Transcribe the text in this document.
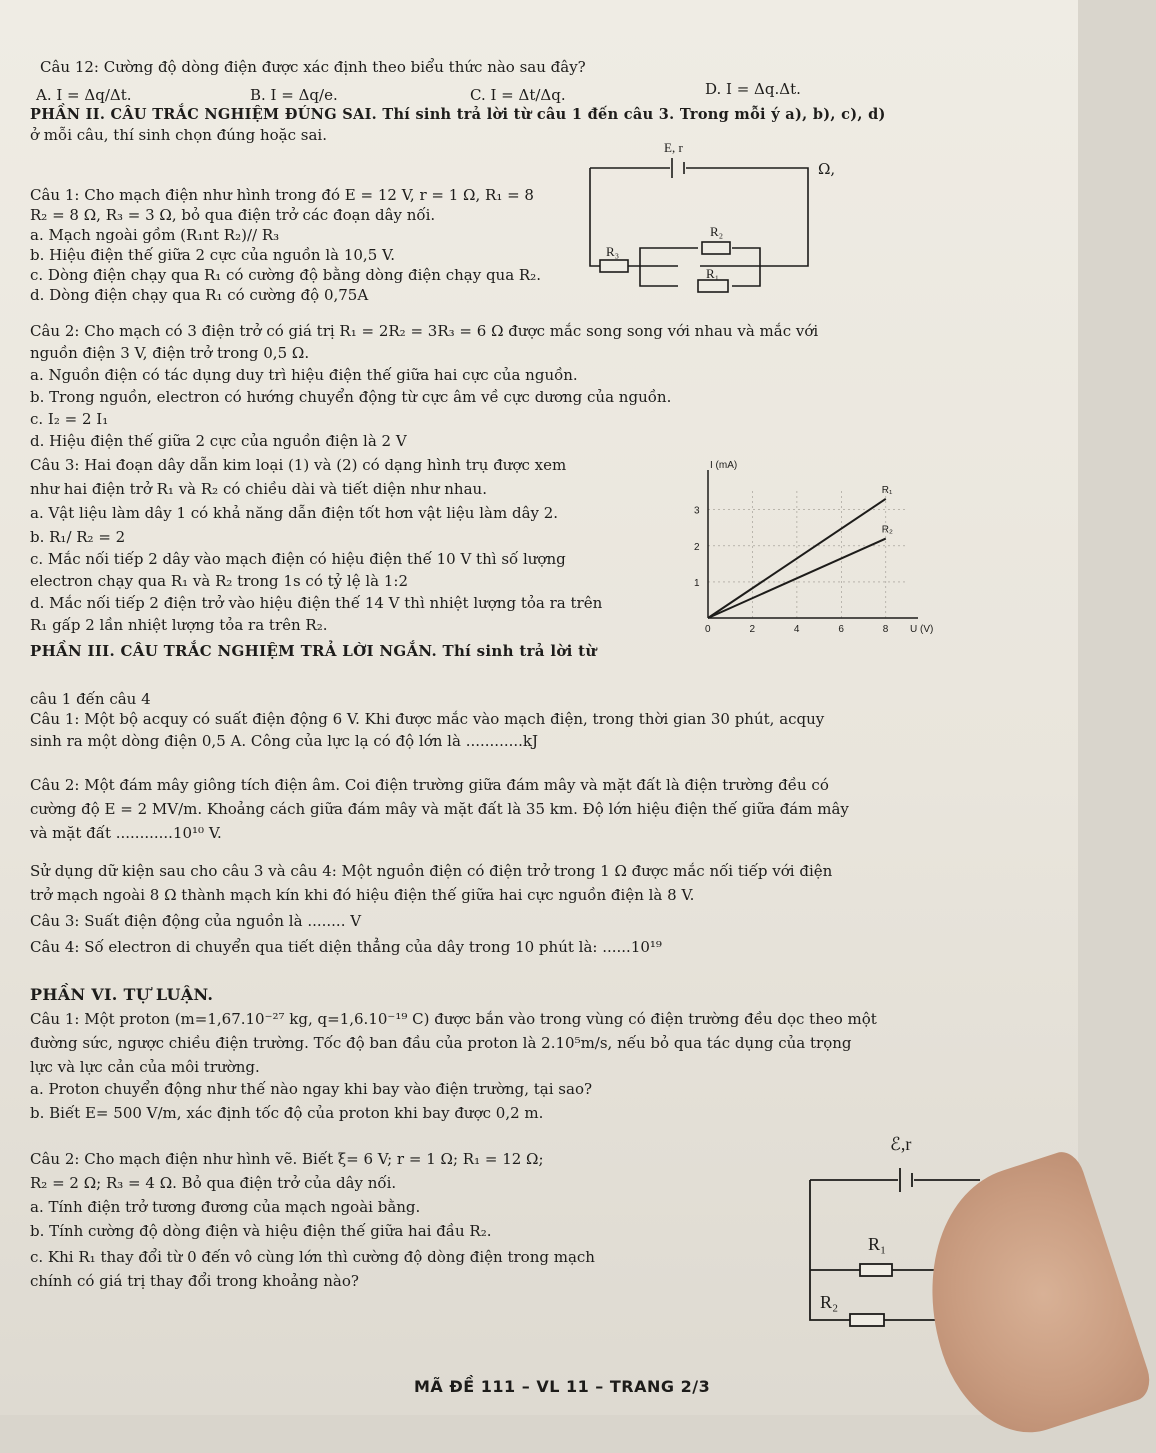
Câu 12: Cường độ dòng điện được xác định theo biểu thức nào sau đây?
A. I = Δq/Δt.	B. I = Δq/e.	C. I = Δt/Δq.	D. I = Δq.Δt.
PHẦN II. CÂU TRẮC NGHIỆM ĐÚNG SAI. Thí sinh trả lời từ câu 1 đến câu 3. Trong mỗi ý a), b), c), d)
ở mỗi câu, thí sinh chọn đúng hoặc sai.
Câu 1: Cho mạch điện như hình trong đó E = 12 V, r = 1 Ω, R₁ = 8
Ω,
R₂ = 8 Ω, R₃ = 3 Ω, bỏ qua điện trở các đoạn dây nối.
a. Mạch ngoài gồm (R₁nt R₂)// R₃
b. Hiệu điện thế giữa 2 cực của nguồn là 10,5 V.
c. Dòng điện chạy qua R₁ có cường độ bằng dòng điện chạy qua R₂.
d. Dòng điện chạy qua R₁ có cường độ 0,75A
E, r
R₂
R₃
R₁
Câu 2: Cho mạch có 3 điện trở có giá trị R₁ = 2R₂ = 3R₃ = 6 Ω được mắc song song với nhau và mắc với
nguồn điện 3 V, điện trở trong 0,5 Ω.
a. Nguồn điện có tác dụng duy trì hiệu điện thế giữa hai cực của nguồn.
b. Trong nguồn, electron có hướng chuyển động từ cực âm về cực dương của nguồn.
c. I₂ = 2 I₁
d. Hiệu điện thế giữa 2 cực của nguồn điện là 2 V
Câu 3: Hai đoạn dây dẫn kim loại (1) và (2) có dạng hình trụ được xem
như hai điện trở R₁ và R₂ có chiều dài và tiết diện như nhau.
a. Vật liệu làm dây 1 có khả năng dẫn điện tốt hơn vật liệu làm dây 2.
b. R₁/ R₂ = 2
c. Mắc nối tiếp 2 dây vào mạch điện có hiệu điện thế 10 V thì số lượng
electron chạy qua R₁ và R₂ trong 1s có tỷ lệ là 1:2
d. Mắc nối tiếp 2 điện trở vào hiệu điện thế 14 V thì nhiệt lượng tỏa ra trên
R₁ gấp 2 lần nhiệt lượng tỏa ra trên R₂.	0	2	4	6	8
1
2
3
I (mA)
U (V)
R₁
R₂
PHẦN III. CÂU TRẮC NGHIỆM TRẢ LỜI NGẮN. Thí sinh trả lời từ
câu 1 đến câu 4
Câu 1: Một bộ acquy có suất điện động 6 V. Khi được mắc vào mạch điện, trong thời gian 30 phút, acquy
sinh ra một dòng điện 0,5 A. Công của lực lạ có độ lớn là ............kJ
Câu 2: Một đám mây giông tích điện âm. Coi điện trường giữa đám mây và mặt đất là điện trường đều có
cường độ E = 2 MV/m. Khoảng cách giữa đám mây và mặt đất là 35 km. Độ lớn hiệu điện thế giữa đám mây
và mặt đất ............10¹⁰ V.
Sử dụng dữ kiện sau cho câu 3 và câu 4: Một nguồn điện có điện trở trong 1 Ω được mắc nối tiếp với điện
trở mạch ngoài 8 Ω thành mạch kín khi đó hiệu điện thế giữa hai cực nguồn điện là 8 V.
Câu 3: Suất điện động của nguồn là ........ V
Câu 4: Số electron di chuyển qua tiết diện thẳng của dây trong 10 phút là: ......10¹⁹
PHẦN VI. TỰ LUẬN.
Câu 1: Một proton (m=1,67.10⁻²⁷ kg, q=1,6.10⁻¹⁹ C) được bắn vào trong vùng có điện trường đều dọc theo một
đường sức, ngược chiều điện trường. Tốc độ ban đầu của proton là 2.10⁵m/s, nếu bỏ qua tác dụng của trọng
lực và lực cản của môi trường.
a. Proton chuyển động như thế nào ngay khi bay vào điện trường, tại sao?
b. Biết E= 500 V/m, xác định tốc độ của proton khi bay được 0,2 m.
Câu 2: Cho mạch điện như hình vẽ. Biết ξ= 6 V; r = 1 Ω; R₁ = 12 Ω;
R₂ = 2 Ω; R₃ = 4 Ω. Bỏ qua điện trở của dây nối.
a. Tính điện trở tương đương của mạch ngoài bằng.
b. Tính cường độ dòng điện và hiệu điện thế giữa hai đầu R₂.
c. Khi R₁ thay đổi từ 0 đến vô cùng lớn thì cường độ dòng điện trong mạch
chính có giá trị thay đổi trong khoảng nào?
ℰ,r
R₁
R₂
MÃ ĐỀ 111 – VL 11 – TRANG 2/3
